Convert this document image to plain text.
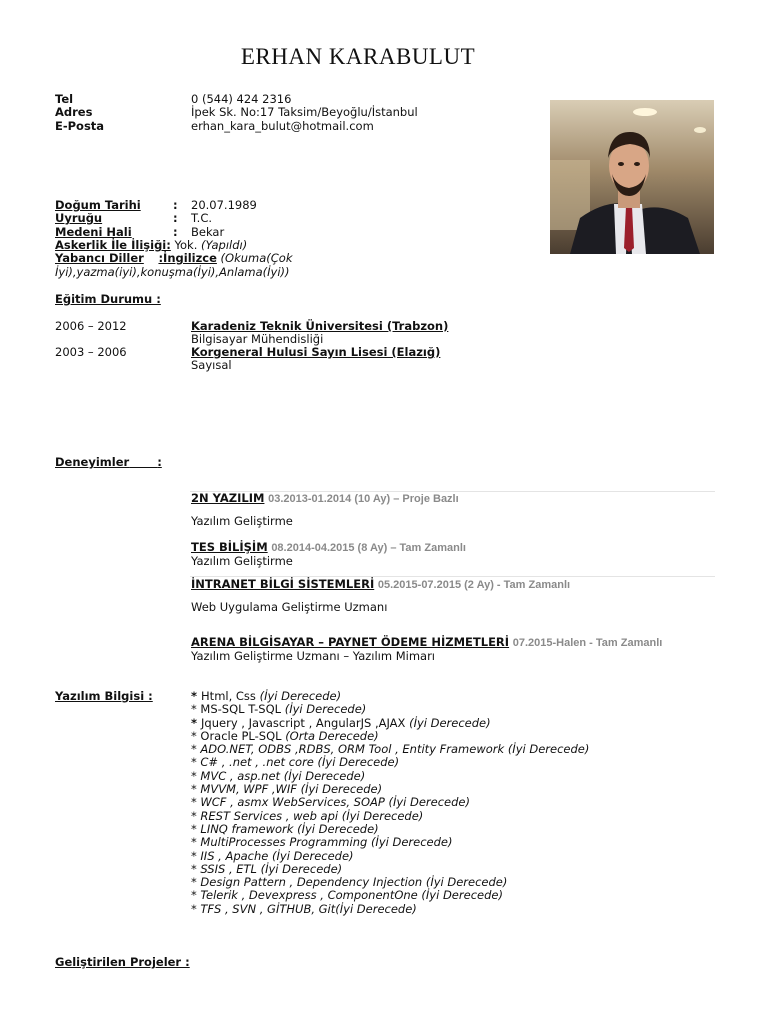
ERHAN KARABULUT
Tel	0 (544) 424 2316
Adres	İpek Sk. No:17 Taksim/Beyoğlu/İstanbul
E-Posta	erhan_kara_bulut@hotmail.com
Doğum Tarihi	: 20.07.1989
Uyruğu	: T.C.
Medeni Hali	: Bekar
Askerlik İle İlişiği: Yok. (Yapıldı)
Yabancı Diller :İngilizce (Okuma(Çok
İyi),yazma(iyi),konuşma(İyi),Anlama(İyi))
Eğitim Durumu :
2006 – 2012	Karadeniz Teknik Üniversitesi (Trabzon)
Bilgisayar Mühendisliği
2003 – 2006	Korgeneral Hulusi Sayın Lisesi (Elazığ)
Sayısal
Deneyimler :
2N YAZILIM 03.2013-01.2014 (10 Ay) – Proje Bazlı
Yazılım Geliştirme
TES BİLİŞİM 08.2014-04.2015 (8 Ay) – Tam Zamanlı
Yazılım Geliştirme
İNTRANET BİLGİ SİSTEMLERİ 05.2015-07.2015 (2 Ay) - Tam Zamanlı
Web Uygulama Geliştirme Uzmanı
ARENA BİLGİSAYAR – PAYNET ÖDEME HİZMETLERİ 07.2015-Halen - Tam Zamanlı
Yazılım Geliştirme Uzmanı – Yazılım Mimarı
Yazılım Bilgisi :	* Html, Css (İyi Derecede)
* MS-SQL T-SQL (İyi Derecede)
* Jquery , Javascript , AngularJS ,AJAX (İyi Derecede)
* Oracle PL-SQL (Orta Derecede)
* ADO.NET, ODBS ,RDBS, ORM Tool , Entity Framework (İyi Derecede)
* C# , .net , .net core (İyi Derecede)
* MVC , asp.net (İyi Derecede)
* MVVM, WPF ,WIF (İyi Derecede)
* WCF , asmx WebServices, SOAP (İyi Derecede)
* REST Services , web api (İyi Derecede)
* LINQ framework (İyi Derecede)
* MultiProcesses Programming (İyi Derecede)
* IIS , Apache (İyi Derecede)
* SSIS , ETL (İyi Derecede)
* Design Pattern , Dependency Injection (İyi Derecede)
* Telerik , Devexpress , ComponentOne (İyi Derecede)
* TFS , SVN , GİTHUB, Git(İyi Derecede)
Geliştirilen Projeler :
